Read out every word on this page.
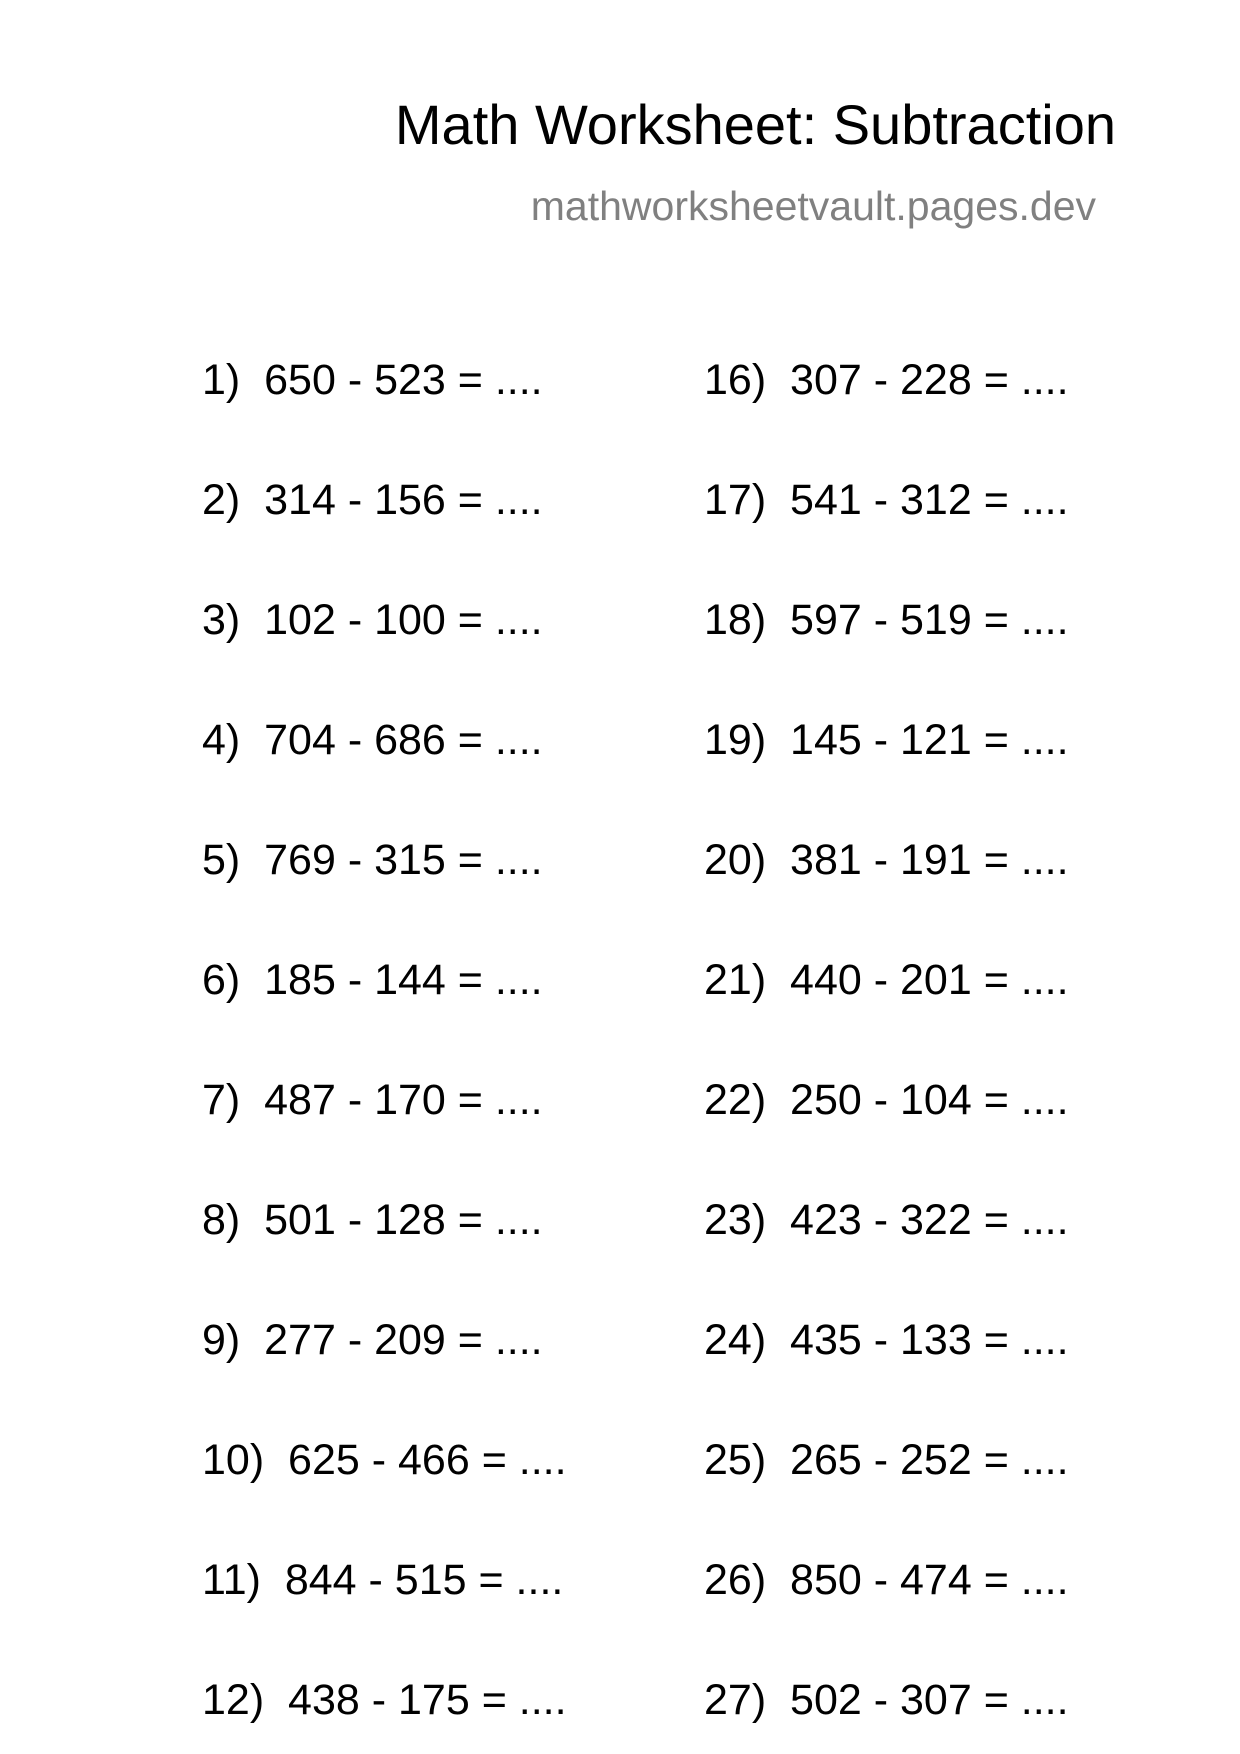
Math Worksheet: Subtraction
mathworksheetvault.pages.dev
1)  650 - 523 = ....
2)  314 - 156 = ....
3)  102 - 100 = ....
4)  704 - 686 = ....
5)  769 - 315 = ....
6)  185 - 144 = ....
7)  487 - 170 = ....
8)  501 - 128 = ....
9)  277 - 209 = ....
10)  625 - 466 = ....
11)  844 - 515 = ....
12)  438 - 175 = ....
16)  307 - 228 = ....
17)  541 - 312 = ....
18)  597 - 519 = ....
19)  145 - 121 = ....
20)  381 - 191 = ....
21)  440 - 201 = ....
22)  250 - 104 = ....
23)  423 - 322 = ....
24)  435 - 133 = ....
25)  265 - 252 = ....
26)  850 - 474 = ....
27)  502 - 307 = ....
